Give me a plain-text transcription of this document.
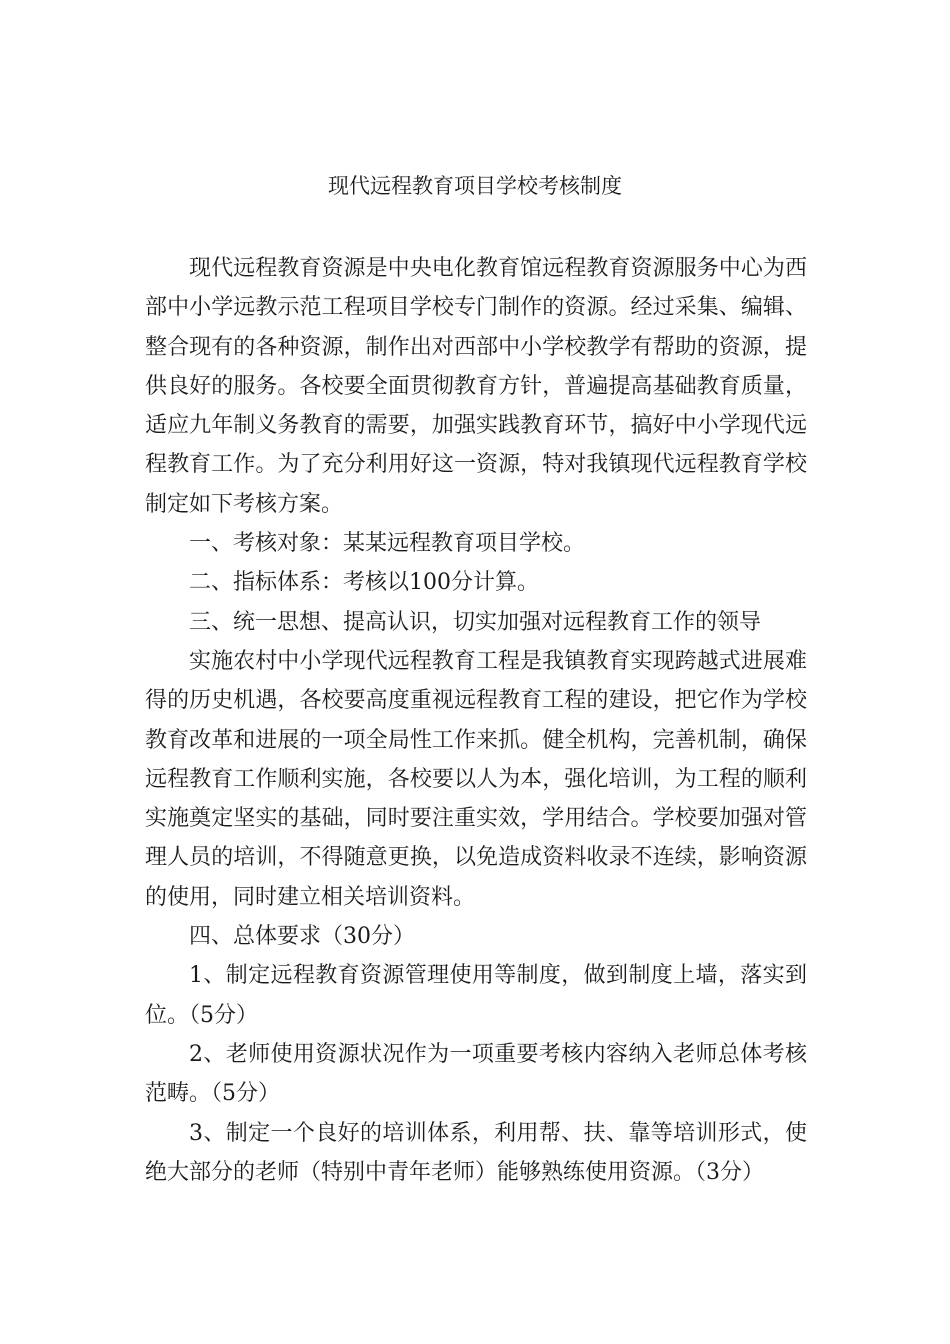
现代远程教育项目学校考核制度

现代远程教育资源是中央电化教育馆远程教育资源服务中心为西部中小学远教示范工程项目学校专门制作的资源。经过采集、编辑、整合现有的各种资源，制作出对西部中小学校教学有帮助的资源，提供良好的服务。各校要全面贯彻教育方针，普遍提高基础教育质量，适应九年制义务教育的需要，加强实践教育环节，搞好中小学现代远程教育工作。为了充分利用好这一资源，特对我镇现代远程教育学校制定如下考核方案。

一、考核对象：某某远程教育项目学校。

二、指标体系：考核以100分计算。

三、统一思想、提高认识，切实加强对远程教育工作的领导

实施农村中小学现代远程教育工程是我镇教育实现跨越式进展难得的历史机遇，各校要高度重视远程教育工程的建设，把它作为学校教育改革和进展的一项全局性工作来抓。健全机构，完善机制，确保远程教育工作顺利实施，各校要以人为本，强化培训，为工程的顺利实施奠定坚实的基础，同时要注重实效，学用结合。学校要加强对管理人员的培训，不得随意更换，以免造成资料收录不连续，影响资源的使用，同时建立相关培训资料。

四、总体要求（30分）

1、制定远程教育资源管理使用等制度，做到制度上墙，落实到位。（5分）

2、老师使用资源状况作为一项重要考核内容纳入老师总体考核范畴。（5分）

3、制定一个良好的培训体系，利用帮、扶、靠等培训形式，使绝大部分的老师（特别中青年老师）能够熟练使用资源。（3分）
